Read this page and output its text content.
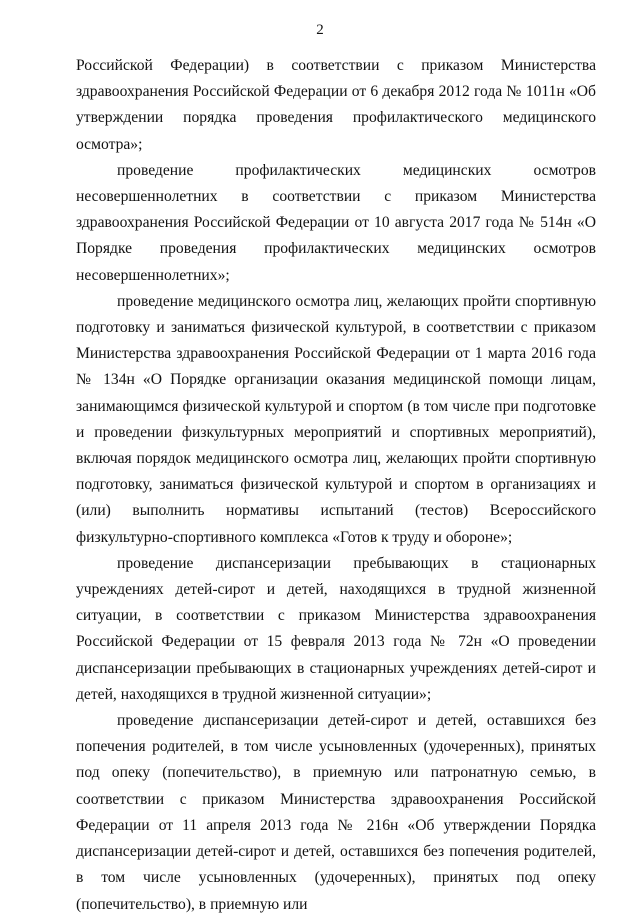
2

Российской Федерации) в соответствии с приказом Министерства здравоохранения Российской Федерации от 6 декабря 2012 года № 1011н «Об утверждении порядка проведения профилактического медицинского осмотра»;

проведение профилактических медицинских осмотров несовершеннолетних в соответствии с приказом Министерства здравоохранения Российской Федерации от 10 августа 2017 года № 514н «О Порядке проведения профилактических медицинских осмотров несовершеннолетних»;

проведение медицинского осмотра лиц, желающих пройти спортивную подготовку и заниматься физической культурой, в соответствии с приказом Министерства здравоохранения Российской Федерации от 1 марта 2016 года № 134н «О Порядке организации оказания медицинской помощи лицам, занимающимся физической культурой и спортом (в том числе при подготовке и проведении физкультурных мероприятий и спортивных мероприятий), включая порядок медицинского осмотра лиц, желающих пройти спортивную подготовку, заниматься физической культурой и спортом в организациях и (или) выполнить нормативы испытаний (тестов) Всероссийского физкультурно-спортивного комплекса «Готов к труду и обороне»;

проведение диспансеризации пребывающих в стационарных учреждениях детей-сирот и детей, находящихся в трудной жизненной ситуации, в соответствии с приказом Министерства здравоохранения Российской Федерации от 15 февраля 2013 года № 72н «О проведении диспансеризации пребывающих в стационарных учреждениях детей-сирот и детей, находящихся в трудной жизненной ситуации»;

проведение диспансеризации детей-сирот и детей, оставшихся без попечения родителей, в том числе усыновленных (удочеренных), принятых под опеку (попечительство), в приемную или патронатную семью, в соответствии с приказом Министерства здравоохранения Российской Федерации от 11 апреля 2013 года № 216н «Об утверждении Порядка диспансеризации детей-сирот и детей, оставшихся без попечения родителей, в том числе усыновленных (удочеренных), принятых под опеку (попечительство), в приемную или
